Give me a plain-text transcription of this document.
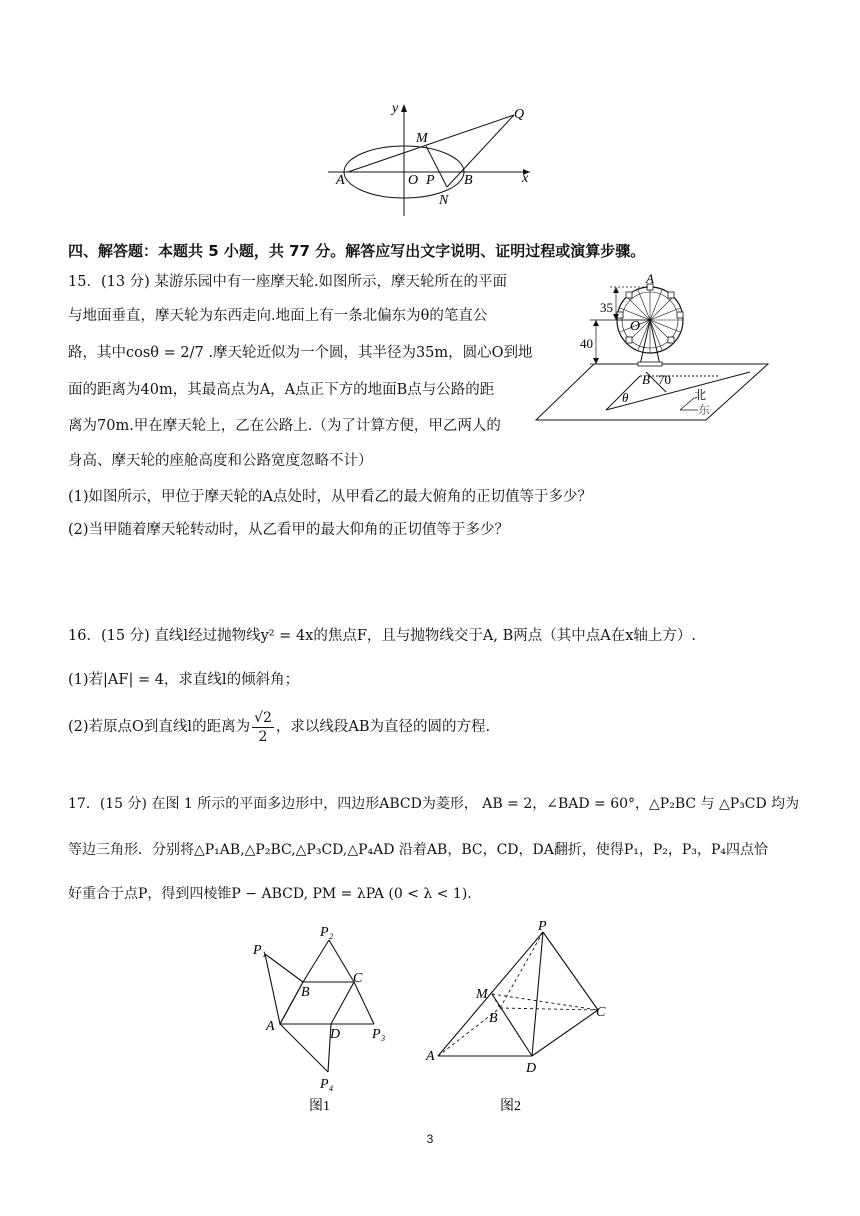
y
x
M
Q
A	O P B
N
四、解答题：本题共 5 小题，共 77 分。解答应写出文字说明、证明过程或演算步骤。
15．(13 分) 某游乐园中有一座摩天轮.如图所示，摩天轮所在的平面
与地面垂直，摩天轮为东西走向.地面上有一条北偏东为θ的笔直公
路，其中cosθ = 2/7 .摩天轮近似为一个圆，其半径为35m，圆心O到地
面的距离为40m，其最高点为A，A点正下方的地面B点与公路的距
离为70m.甲在摩天轮上，乙在公路上.（为了计算方便，甲乙两人的
身高、摩天轮的座舱高度和公路宽度忽略不计）
(1)如图所示，甲位于摩天轮的A点处时，从甲看乙的最大俯角的正切值等于多少？
(2)当甲随着摩天轮转动时，从乙看甲的最大仰角的正切值等于多少？
A
O
40
35
B 70
θ	北
东
16．(15 分) 直线l经过抛物线y² = 4x的焦点F，且与抛物线交于A, B两点（其中点A在x轴上方）.
(1)若|AF| = 4，求直线l的倾斜角；
(2)若原点O到直线l的距离为 $\frac{√2}{2}$ ，求以线段AB为直径的圆的方程.
17．(15 分) 在图 1 所示的平面多边形中，四边形ABCD为菱形， AB = 2，∠BAD = 60°，△P₂BC 与 △P₃CD 均为
等边三角形．分别将△P₁AB,△P₂BC,△P₃CD,△P₄AD 沿着AB，BC，CD，DA翻折，使得P₁，P₂，P₃，P₄四点恰
好重合于点P，得到四棱锥P − ABCD, PM = λPA (0 < λ < 1).
P₁
P₂
B
C
A
D P₃
P₄
图1
P
M
B	C
A
D
图2
3
